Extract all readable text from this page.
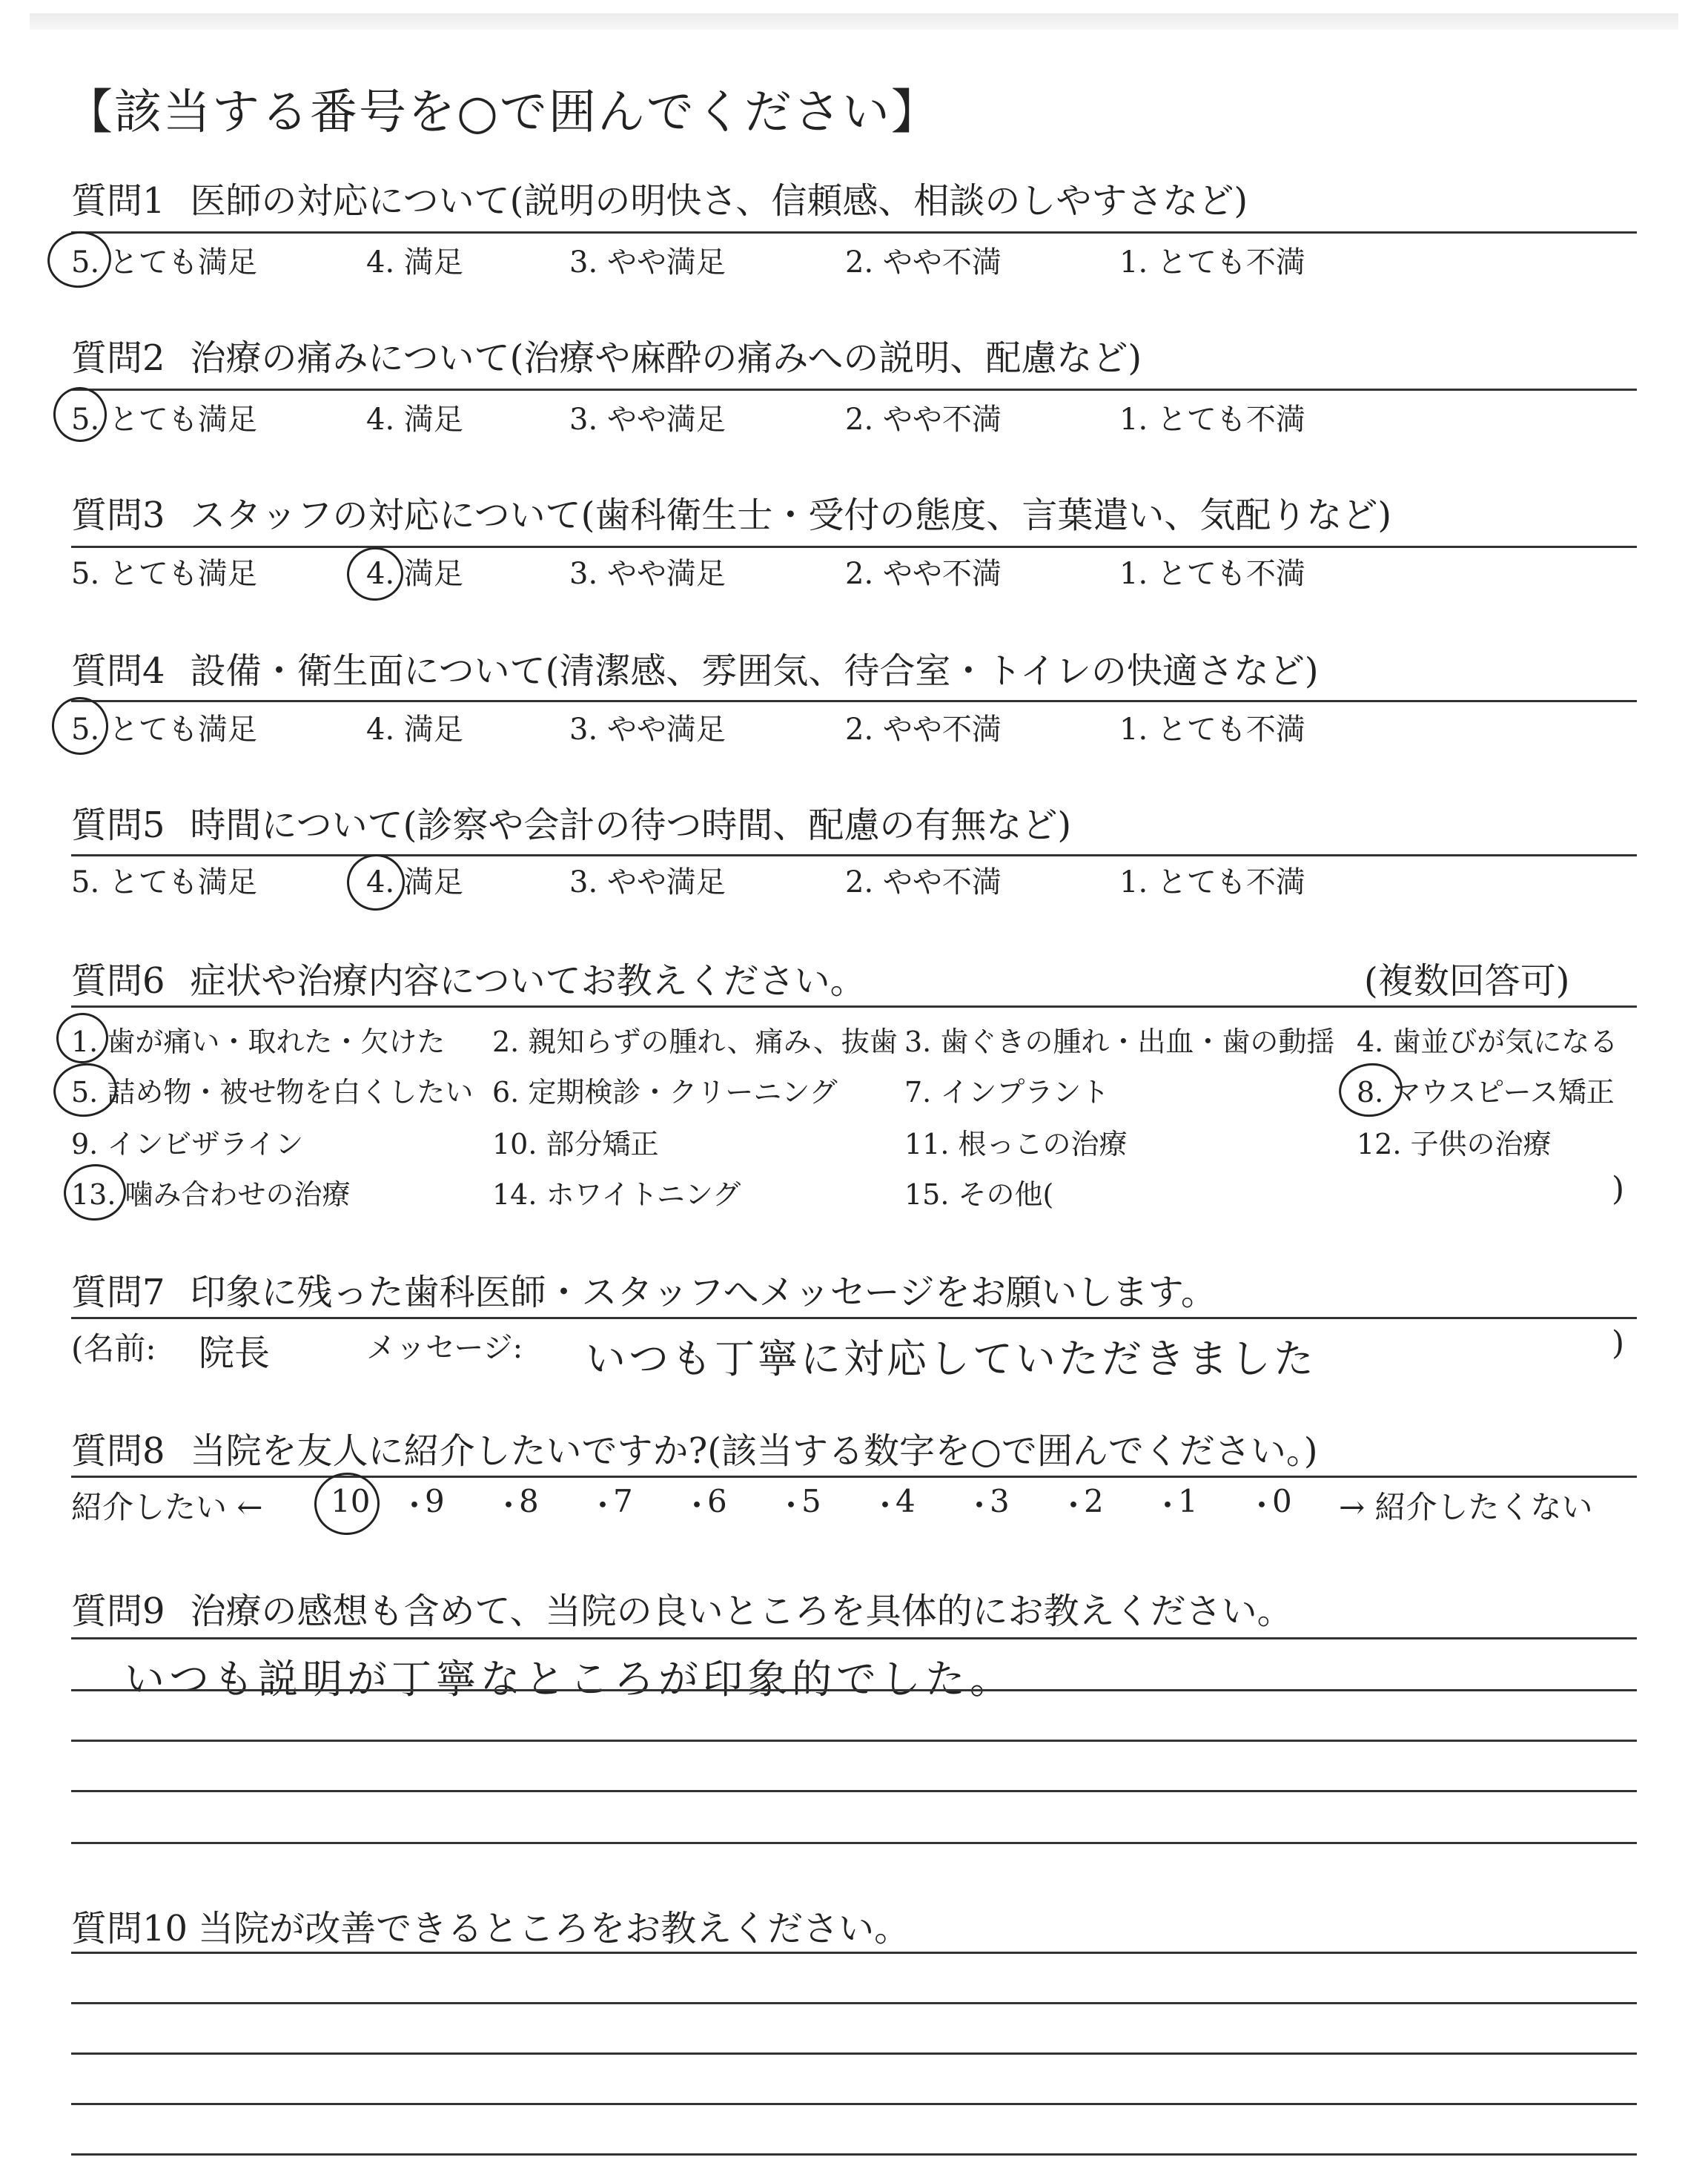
【該当する番号を○で囲んでください】
質問1 医師の対応について(説明の明快さ、信頼感、相談のしやすさなど)
5. とても満足	4. 満足	3. やや満足	2. やや不満	1. とても不満
質問2 治療の痛みについて(治療や麻酔の痛みへの説明、配慮など)
5. とても満足	4. 満足	3. やや満足	2. やや不満	1. とても不満
質問3 スタッフの対応について(歯科衛生士・受付の態度、言葉遣い、気配りなど)
5. とても満足	4. 満足	3. やや満足	2. やや不満	1. とても不満
質問4 設備・衛生面について(清潔感、雰囲気、待合室・トイレの快適さなど)
5. とても満足	4. 満足	3. やや満足	2. やや不満	1. とても不満
質問5 時間について(診察や会計の待つ時間、配慮の有無など)
5. とても満足	4. 満足	3. やや満足	2. やや不満	1. とても不満
質問6 症状や治療内容についてお教えください。	(複数回答可)
1. 歯が痛い・取れた・欠けた 2. 親知らずの腫れ、痛み、抜歯 3. 歯ぐきの腫れ・出血・歯の動揺 4. 歯並びが気になる
5. 詰め物・被せ物を白くしたい 6. 定期検診・クリーニング 7. インプラント	8. マウスピース矯正
9. インビザライン	10. 部分矯正	11. 根っこの治療	12. 子供の治療
13. 噛み合わせの治療	14. ホワイトニング	15. その他(	)
質問7 印象に残った歯科医師・スタッフへメッセージをお願いします。
(名前: 院長	メッセージ: いつも丁寧に対応していただきました	)
質問8 当院を友人に紹介したいですか?(該当する数字を○で囲んでください。)
紹介したい ←	→ 紹介したくない
10 ・
9 ・
8 ・
7 ・
6 ・
5 ・
4 ・
3 ・
2 ・
1 ・
0
質問9 治療の感想も含めて、当院の良いところを具体的にお教えください。
いつも説明が丁寧なところが印象的でした。
質問10 当院が改善できるところをお教えください。
